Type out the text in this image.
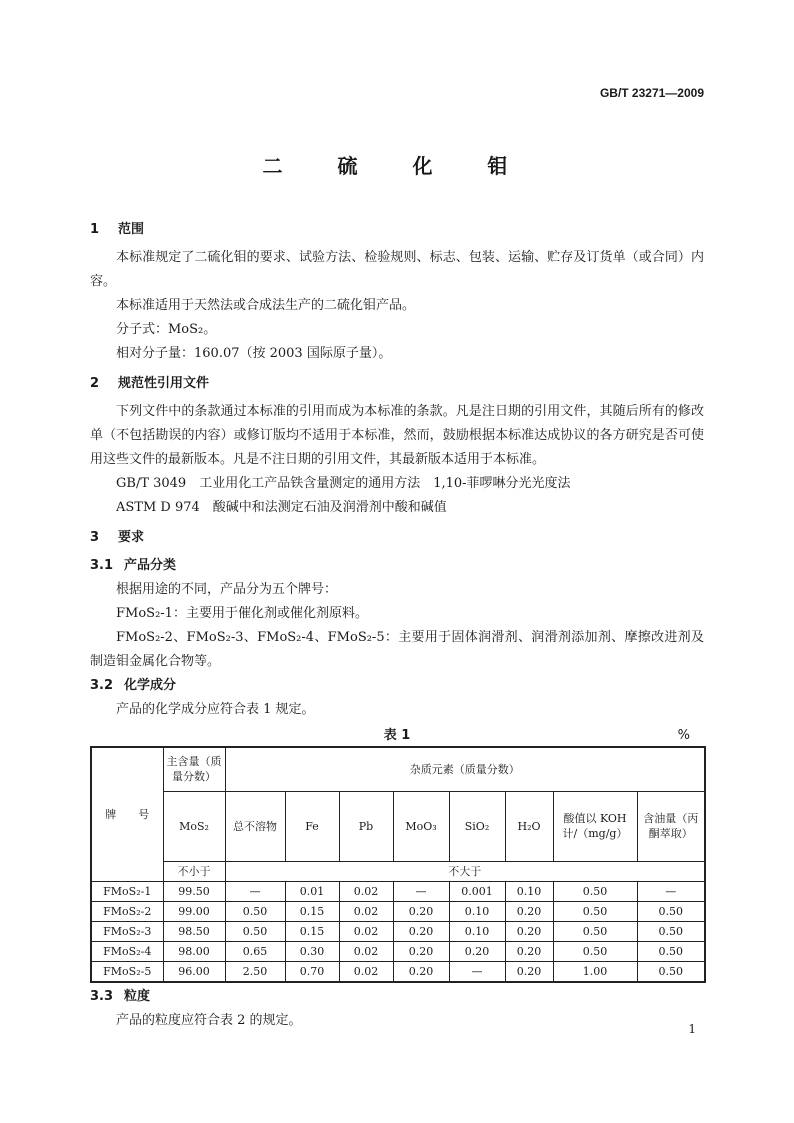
GB/T 23271—2009
二 硫 化 钼
1 范围

本标准规定了二硫化钼的要求、试验方法、检验规则、标志、包装、运输、贮存及订货单（或合同）内容。

本标准适用于天然法或合成法生产的二硫化钼产品。

分子式：MoS₂。

相对分子量：160.07（按 2003 国际原子量）。

2 规范性引用文件

下列文件中的条款通过本标准的引用而成为本标准的条款。凡是注日期的引用文件，其随后所有的修改单（不包括勘误的内容）或修订版均不适用于本标准，然而，鼓励根据本标准达成协议的各方研究是否可使用这些文件的最新版本。凡是不注日期的引用文件，其最新版本适用于本标准。

GB/T 3049　工业用化工产品铁含量测定的通用方法　1,10-菲啰啉分光光度法

ASTM D 974　酸碱中和法测定石油及润滑剂中酸和碱值

3 要求
3.1 产品分类

根据用途的不同，产品分为五个牌号：

FMoS₂-1：主要用于催化剂或催化剂原料。

FMoS₂-2、FMoS₂-3、FMoS₂-4、FMoS₂-5：主要用于固体润滑剂、润滑剂添加剂、摩擦改进剂及制造钼金属化合物等。

3.2 化学成分

产品的化学成分应符合表 1 规定。

表 1	%
牌　　号	主含量（质量分数）	杂质元素（质量分数）							
	MoS₂	总不溶物	Fe	Pb	MoO₃	SiO₂	H₂O	酸值以 KOH 计/（mg/g）	含油量（丙酮萃取）
	不小于	不大于							
FMoS₂-1	99.50	—	0.01	0.02	—	0.001	0.10	0.50	—
FMoS₂-2	99.00	0.50	0.15	0.02	0.20	0.10	0.20	0.50	0.50
FMoS₂-3	98.50	0.50	0.15	0.02	0.20	0.10	0.20	0.50	0.50
FMoS₂-4	98.00	0.65	0.30	0.02	0.20	0.20	0.20	0.50	0.50
FMoS₂-5	96.00	2.50	0.70	0.02	0.20	—	0.20	1.00	0.50
3.3 粒度

产品的粒度应符合表 2 的规定。

1
